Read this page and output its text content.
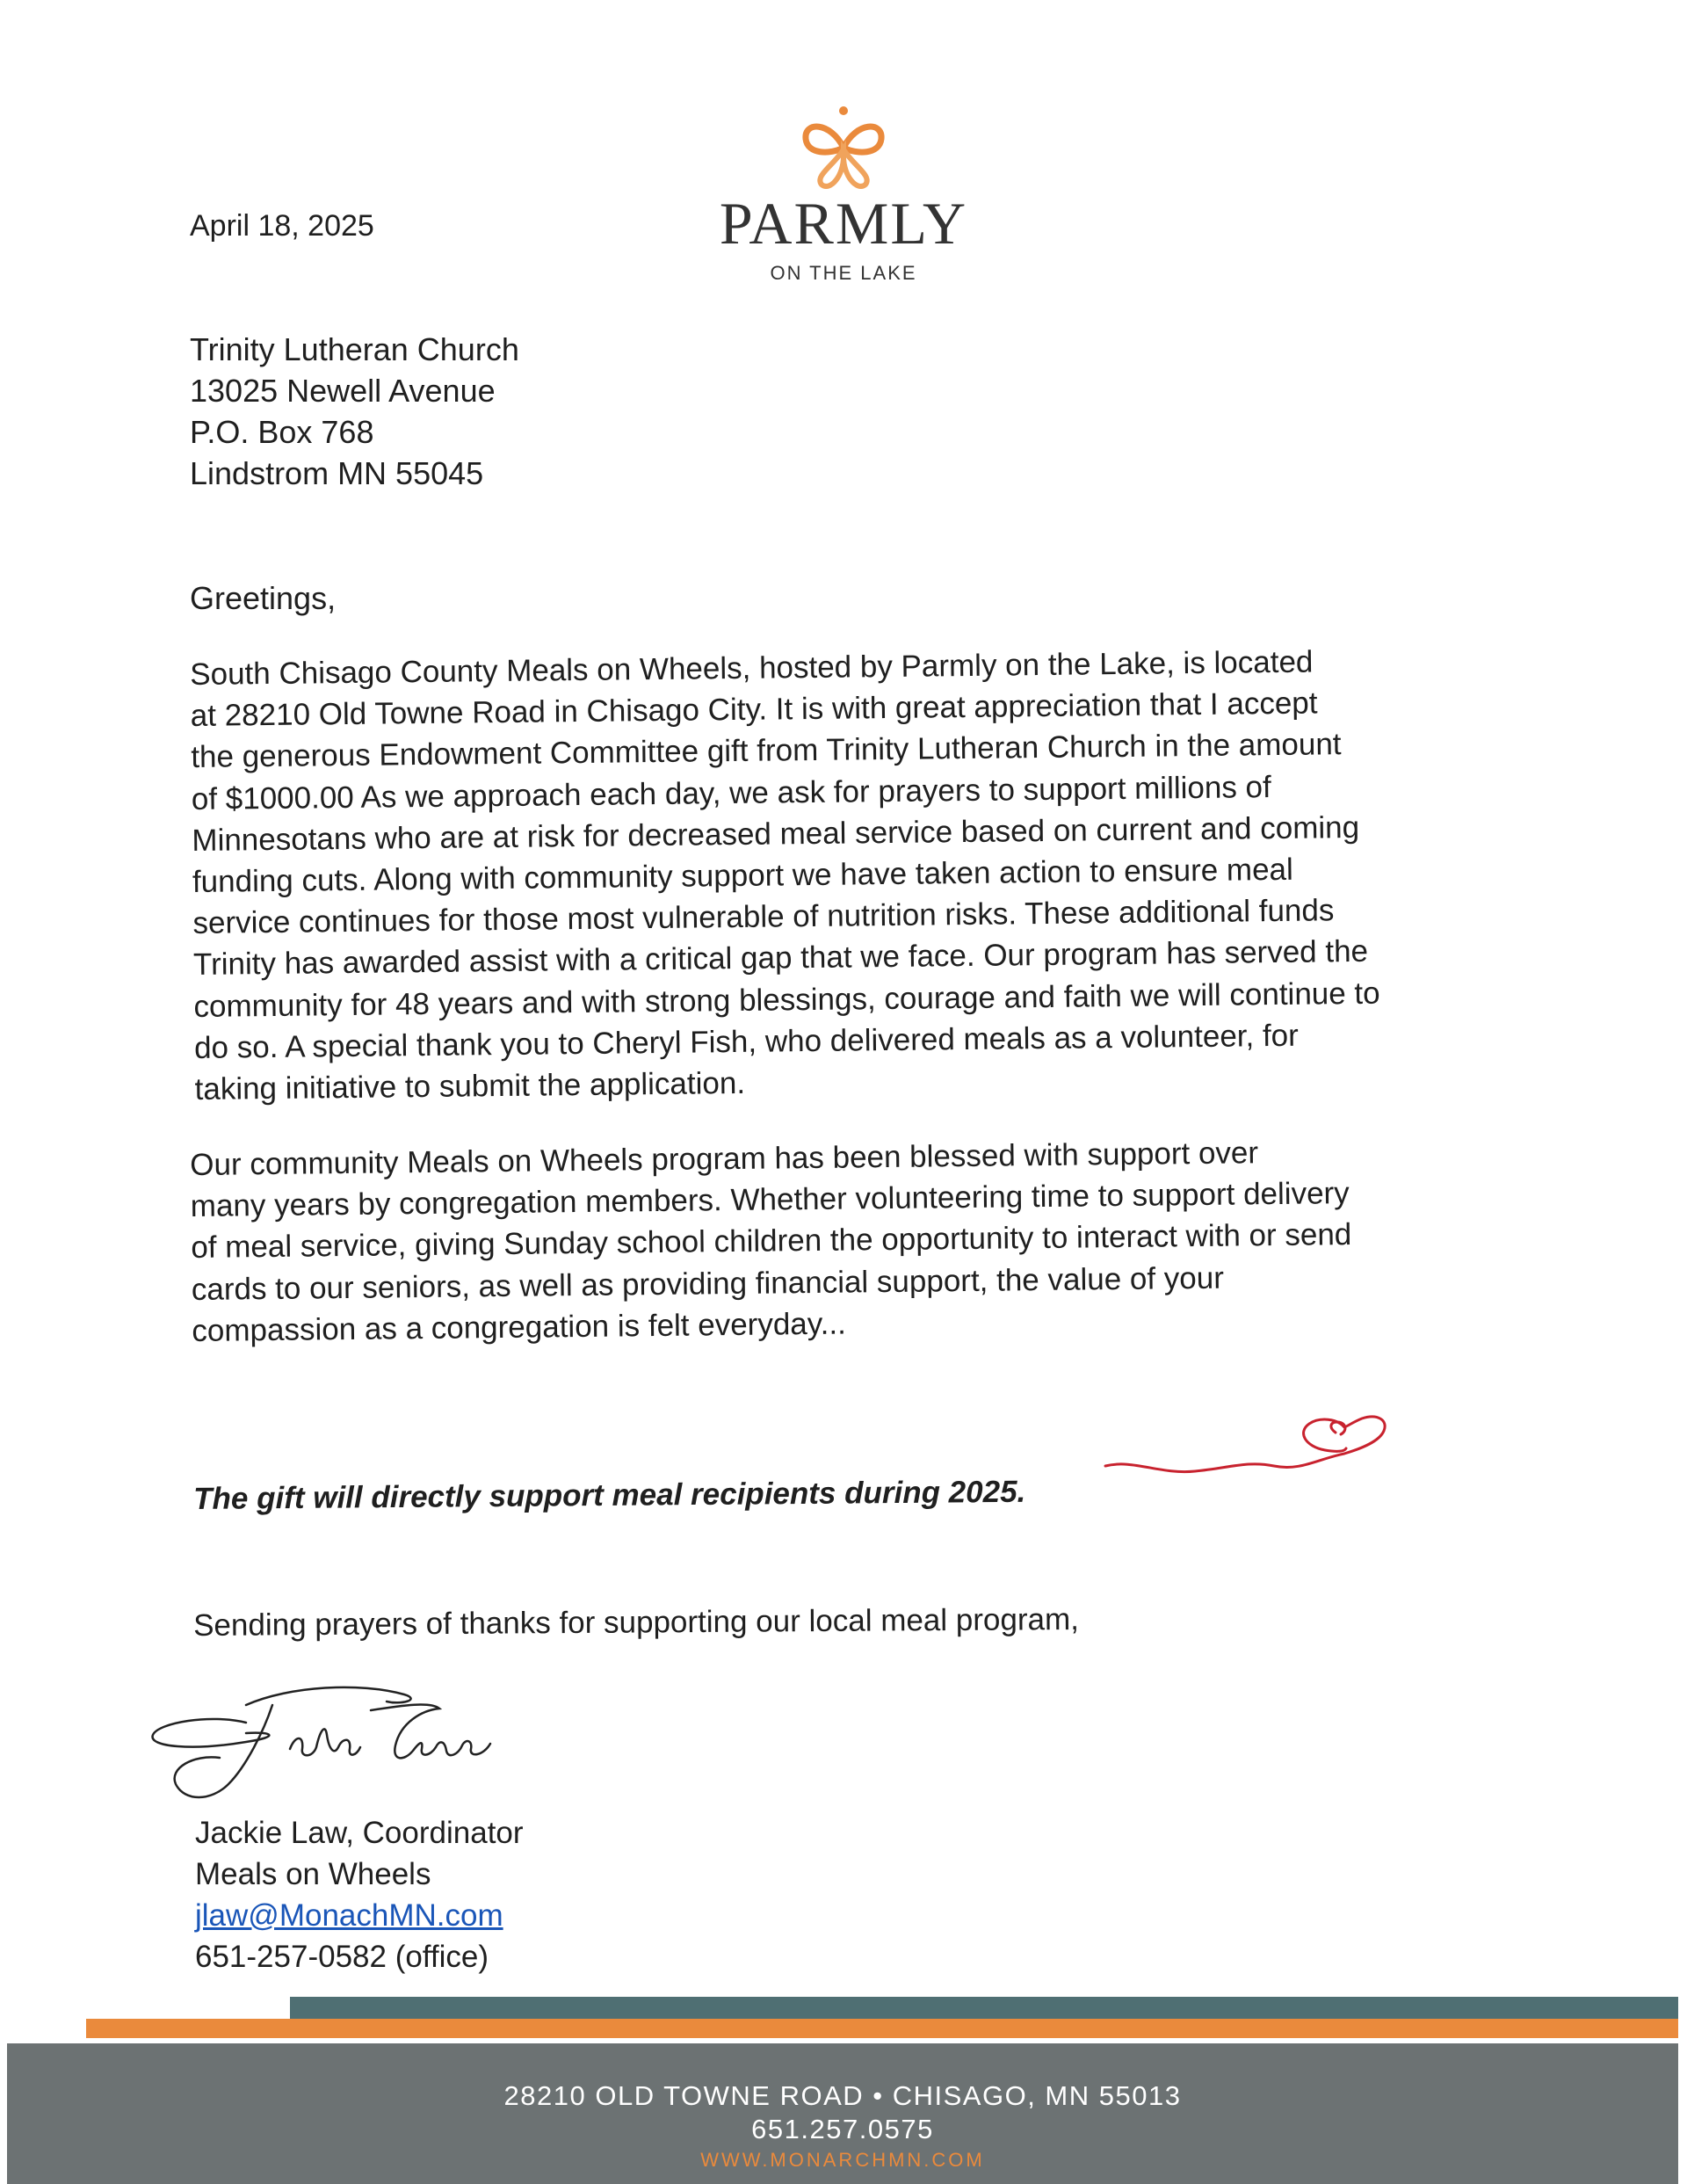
PARMLY
ON THE LAKE
April 18, 2025
Trinity Lutheran Church
13025 Newell Avenue
P.O. Box 768
Lindstrom MN 55045
Greetings,
South Chisago County Meals on Wheels, hosted by Parmly on the Lake, is located
at 28210 Old Towne Road in Chisago City. It is with great appreciation that I accept
the generous Endowment Committee gift from Trinity Lutheran Church in the amount
of $1000.00 As we approach each day, we ask for prayers to support millions of
Minnesotans who are at risk for decreased meal service based on current and coming
funding cuts. Along with community support we have taken action to ensure meal
service continues for those most vulnerable of nutrition risks. These additional funds
Trinity has awarded assist with a critical gap that we face. Our program has served the
community for 48 years and with strong blessings, courage and faith we will continue to
do so. A special thank you to Cheryl Fish, who delivered meals as a volunteer, for
taking initiative to submit the application.
Our community Meals on Wheels program has been blessed with support over
many years by congregation members. Whether volunteering time to support delivery
of meal service, giving Sunday school children the opportunity to interact with or send
cards to our seniors, as well as providing financial support, the value of your
compassion as a congregation is felt everyday...
The gift will directly support meal recipients during 2025.
Sending prayers of thanks for supporting our local meal program,
Jackie Law, Coordinator
Meals on Wheels
jlaw@MonachMN.com
651-257-0582 (office)
28210 OLD TOWNE ROAD • CHISAGO, MN 55013
651.257.0575
WWW.MONARCHMN.COM
